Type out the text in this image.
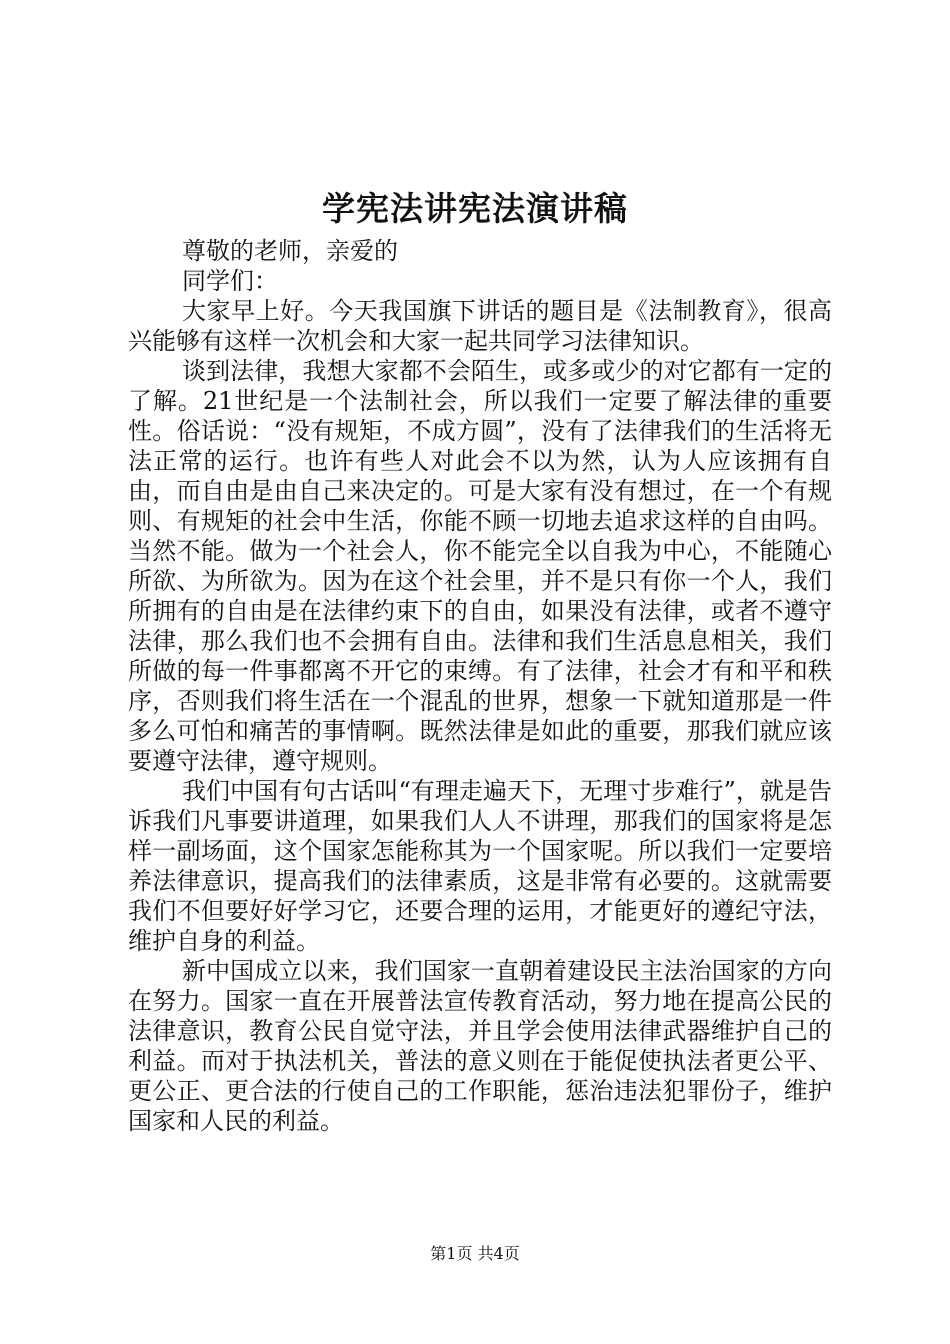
学宪法讲宪法演讲稿
尊敬的老师，亲爱的
同学们：

大家早上好。今天我国旗下讲话的题目是《法制教育》，很高兴能够有这样一次机会和大家一起共同学习法律知识。

谈到法律，我想大家都不会陌生，或多或少的对它都有一定的了解。21世纪是一个法制社会，所以我们一定要了解法律的重要性。俗话说：“没有规矩，不成方圆”，没有了法律我们的生活将无法正常的运行。也许有些人对此会不以为然，认为人应该拥有自由，而自由是由自己来决定的。可是大家有没有想过，在一个有规则、有规矩的社会中生活，你能不顾一切地去追求这样的自由吗。当然不能。做为一个社会人，你不能完全以自我为中心，不能随心所欲、为所欲为。因为在这个社会里，并不是只有你一个人，我们所拥有的自由是在法律约束下的自由，如果没有法律，或者不遵守法律，那么我们也不会拥有自由。法律和我们生活息息相关，我们所做的每一件事都离不开它的束缚。有了法律，社会才有和平和秩序，否则我们将生活在一个混乱的世界，想象一下就知道那是一件多么可怕和痛苦的事情啊。既然法律是如此的重要，那我们就应该要遵守法律，遵守规则。

我们中国有句古话叫“有理走遍天下，无理寸步难行”，就是告诉我们凡事要讲道理，如果我们人人不讲理，那我们的国家将是怎样一副场面，这个国家怎能称其为一个国家呢。所以我们一定要培养法律意识，提高我们的法律素质，这是非常有必要的。这就需要我们不但要好好学习它，还要合理的运用，才能更好的遵纪守法，维护自身的利益。

新中国成立以来，我们国家一直朝着建设民主法治国家的方向在努力。国家一直在开展普法宣传教育活动，努力地在提高公民的法律意识，教育公民自觉守法，并且学会使用法律武器维护自己的利益。而对于执法机关，普法的意义则在于能促使执法者更公平、更公正、更合法的行使自己的工作职能，惩治违法犯罪份子，维护国家和人民的利益。

第1页 共4页
